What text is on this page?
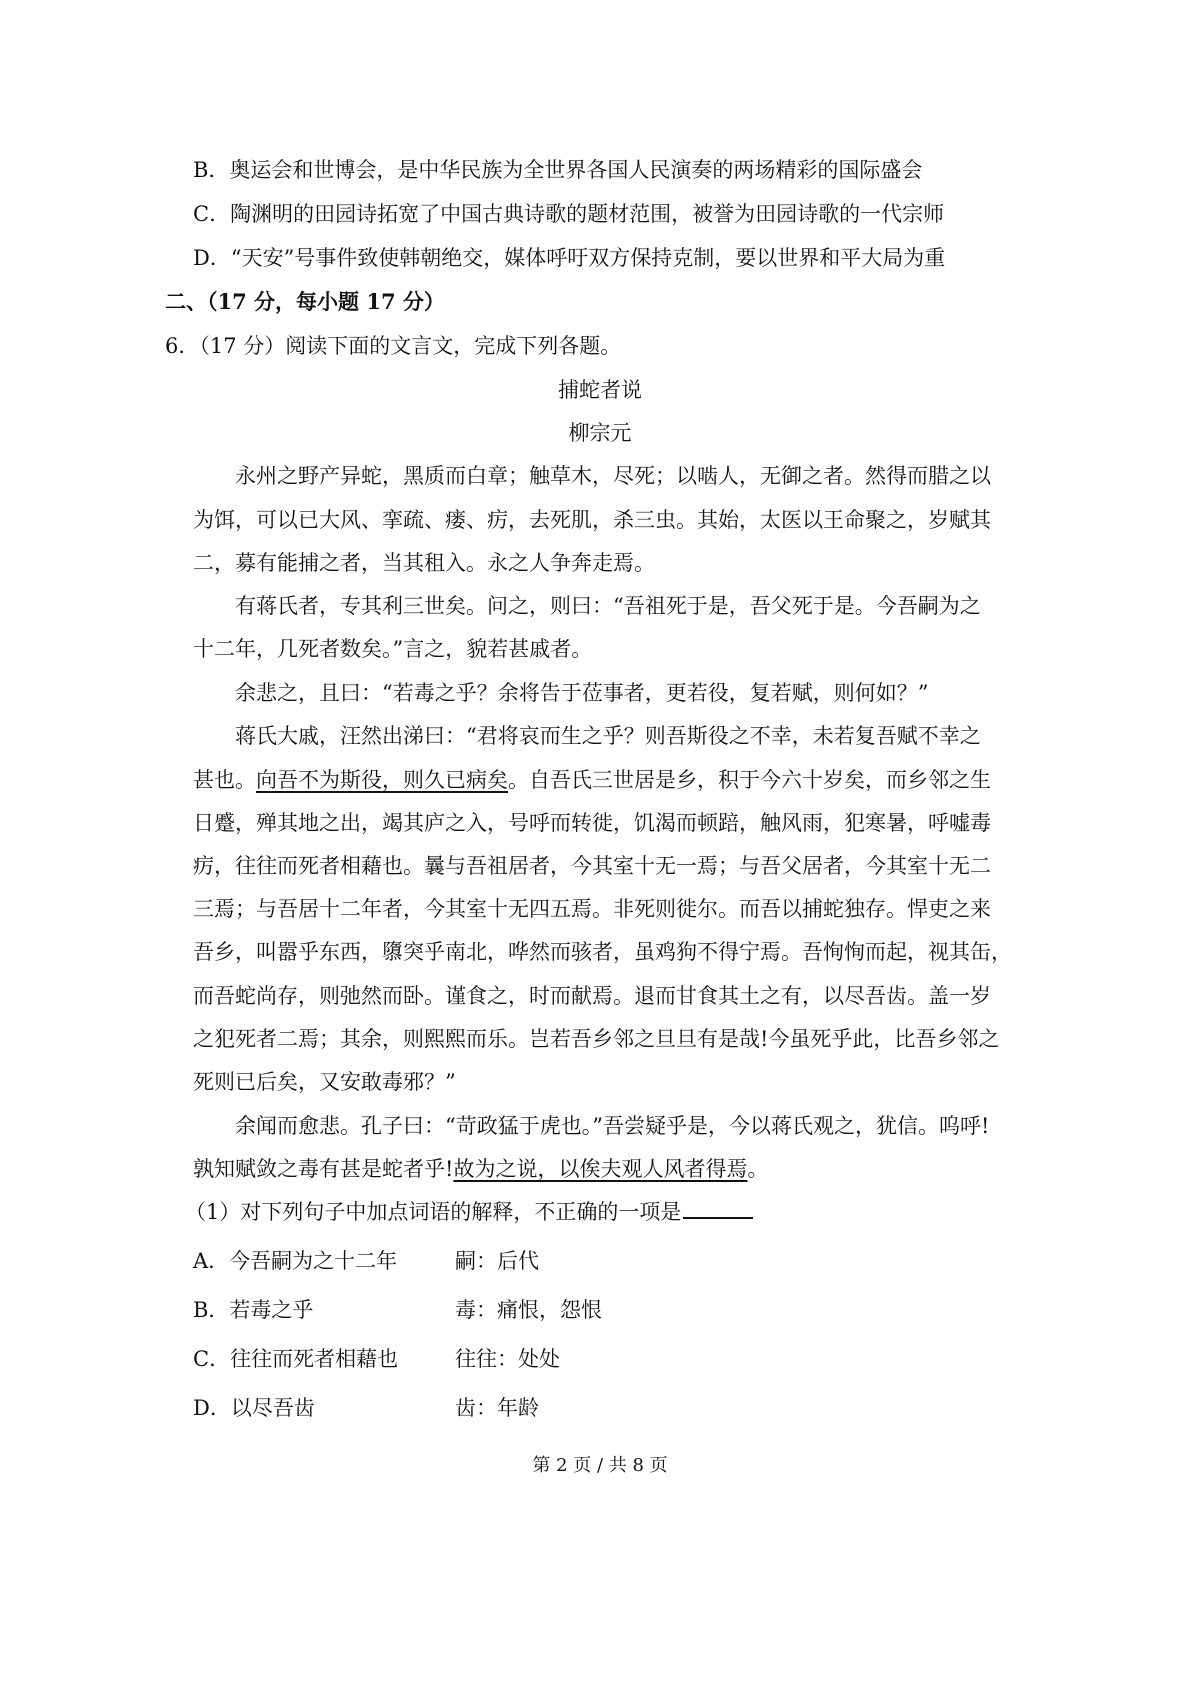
B．奥运会和世博会，是中华民族为全世界各国人民演奏的两场精彩的国际盛会

C．陶渊明的田园诗拓宽了中国古典诗歌的题材范围，被誉为田园诗歌的一代宗师

D．“天安”号事件致使韩朝绝交，媒体呼吁双方保持克制，要以世界和平大局为重

二、（17 分，每小题 17 分）

6．（17 分）阅读下面的文言文，完成下列各题。

捕蛇者说

柳宗元

永州之野产异蛇，黑质而白章；触草木，尽死；以啮人，无御之者。然得而腊之以

为饵，可以已大风、挛疏、瘘、疠，去死肌，杀三虫。其始，太医以王命聚之，岁赋其

二，募有能捕之者，当其租入。永之人争奔走焉。

有蒋氏者，专其利三世矣。问之，则曰：“吾祖死于是，吾父死于是。今吾嗣为之

十二年，几死者数矣。”言之，貌若甚戚者。

余悲之，且曰：“若毒之乎？余将告于莅事者，更若役，复若赋，则何如？”

蒋氏大戚，汪然出涕曰：“君将哀而生之乎？则吾斯役之不幸，未若复吾赋不幸之

甚也。向吾不为斯役，则久已病矣。自吾氏三世居是乡，积于今六十岁矣，而乡邻之生

日蹙，殚其地之出，竭其庐之入，号呼而转徙，饥渴而顿踣，触风雨，犯寒暑，呼嘘毒

疠，往往而死者相藉也。曩与吾祖居者，今其室十无一焉；与吾父居者，今其室十无二

三焉；与吾居十二年者，今其室十无四五焉。非死则徙尔。而吾以捕蛇独存。悍吏之来

吾乡，叫嚣乎东西，隳突乎南北，哗然而骇者，虽鸡狗不得宁焉。吾恂恂而起，视其缶，

而吾蛇尚存，则弛然而卧。谨食之，时而献焉。退而甘食其土之有，以尽吾齿。盖一岁

之犯死者二焉；其余，则熙熙而乐。岂若吾乡邻之旦旦有是哉!今虽死乎此，比吾乡邻之

死则已后矣，又安敢毒邪？”

余闻而愈悲。孔子曰：“苛政猛于虎也。”吾尝疑乎是，今以蒋氏观之，犹信。呜呼!

孰知赋敛之毒有甚是蛇者乎!故为之说，以俟夫观人风者得焉。

（1）对下列句子中加点词语的解释，不正确的一项是

A．今吾嗣为之十二年	嗣：后代

B．若毒之乎	毒：痛恨，怨恨

C．往往而死者相藉也	往往：处处

D．以尽吾齿	齿：年龄

第 2 页 / 共 8 页
